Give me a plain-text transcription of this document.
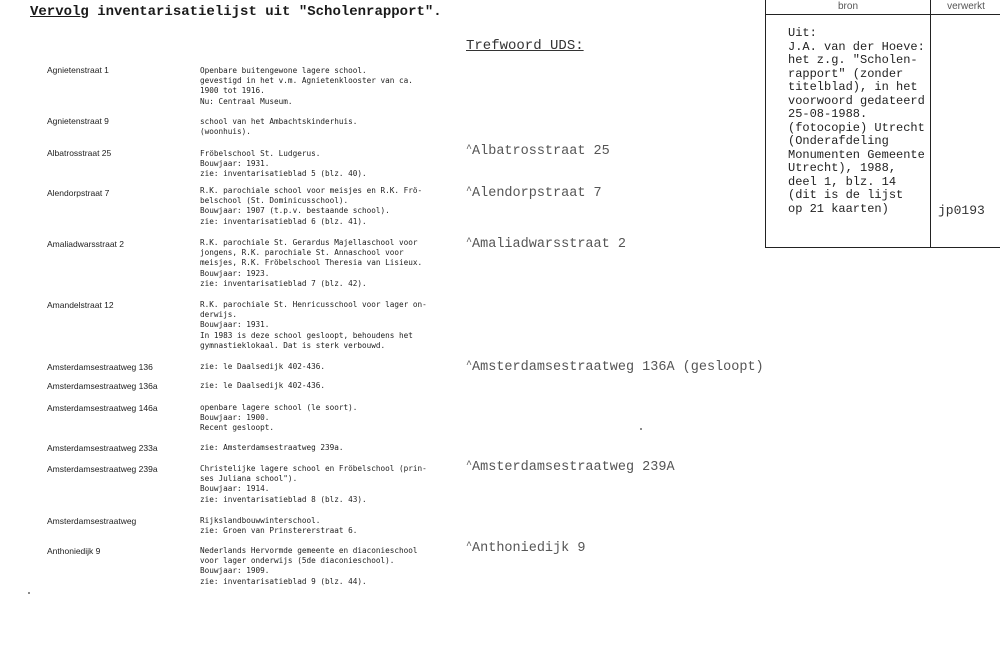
Vervolg inventarisatielijst uit "Scholenrapport".
Trefwoord UDS:
Agnietenstraat 1	Openbare buitengewone lagere school.
gevestigd in het v.m. Agnietenklooster van ca.
1900 tot 1916.
Nu: Centraal Museum.
Agnietenstraat 9	school van het Ambachtskinderhuis.
(woonhuis).
Albatrosstraat 25	Fröbelschool St. Ludgerus.
Bouwjaar: 1931.
zie: inventarisatieblad 5 (blz. 40).
^Albatrosstraat 25
Alendorpstraat 7	R.K. parochiale school voor meisjes en R.K. Frö-
belschool (St. Dominicusschool).
Bouwjaar: 1907 (t.p.v. bestaande school).
zie: inventarisatieblad 6 (blz. 41).
^Alendorpstraat 7
Amaliadwarsstraat 2	R.K. parochiale St. Gerardus Majellaschool voor
jongens, R.K. parochiale St. Annaschool voor
meisjes, R.K. Fröbelschool Theresia van Lisieux.
Bouwjaar: 1923.
zie: inventarisatieblad 7 (blz. 42).
^Amaliadwarsstraat 2
Amandelstraat 12	R.K. parochiale St. Henricusschool voor lager on-
derwijs.
Bouwjaar: 1931.
In 1983 is deze school gesloopt, behoudens het
gymnastieklokaal. Dat is sterk verbouwd.
Amsterdamsestraatweg 136	zie: le Daalsedijk 402-436.	^Amsterdamsestraatweg 136A (gesloopt)
Amsterdamsestraatweg 136a	zie: le Daalsedijk 402-436.
Amsterdamsestraatweg 146a	openbare lagere school (le soort).
Bouwjaar: 1900.
Recent gesloopt.
Amsterdamsestraatweg 233a	zie: Amsterdamsestraatweg 239a.
Amsterdamsestraatweg 239a	Christelijke lagere school en Fröbelschool (prin-
ses Juliana school").
Bouwjaar: 1914.
zie: inventarisatieblad 8 (blz. 43).
^Amsterdamsestraatweg 239A
Amsterdamsestraatweg	Rijkslandbouwwinterschool.
zie: Groen van Prinstererstraat 6.
Anthoniedijk 9	Nederlands Hervormde gemeente en diaconieschool
voor lager onderwijs (5de diaconieschool).
Bouwjaar: 1909.
zie: inventarisatieblad 9 (blz. 44).
^Anthoniedijk 9
bron	verwerkt
Uit:
J.A. van der Hoeve:
het z.g. "Scholen-
rapport" (zonder
titelblad), in het
voorwoord gedateerd
25-08-1988.
(fotocopie) Utrecht
(Onderafdeling
Monumenten Gemeente
Utrecht), 1988,
deel 1, blz. 14
(dit is de lijst
op 21 kaarten)	jp0193
